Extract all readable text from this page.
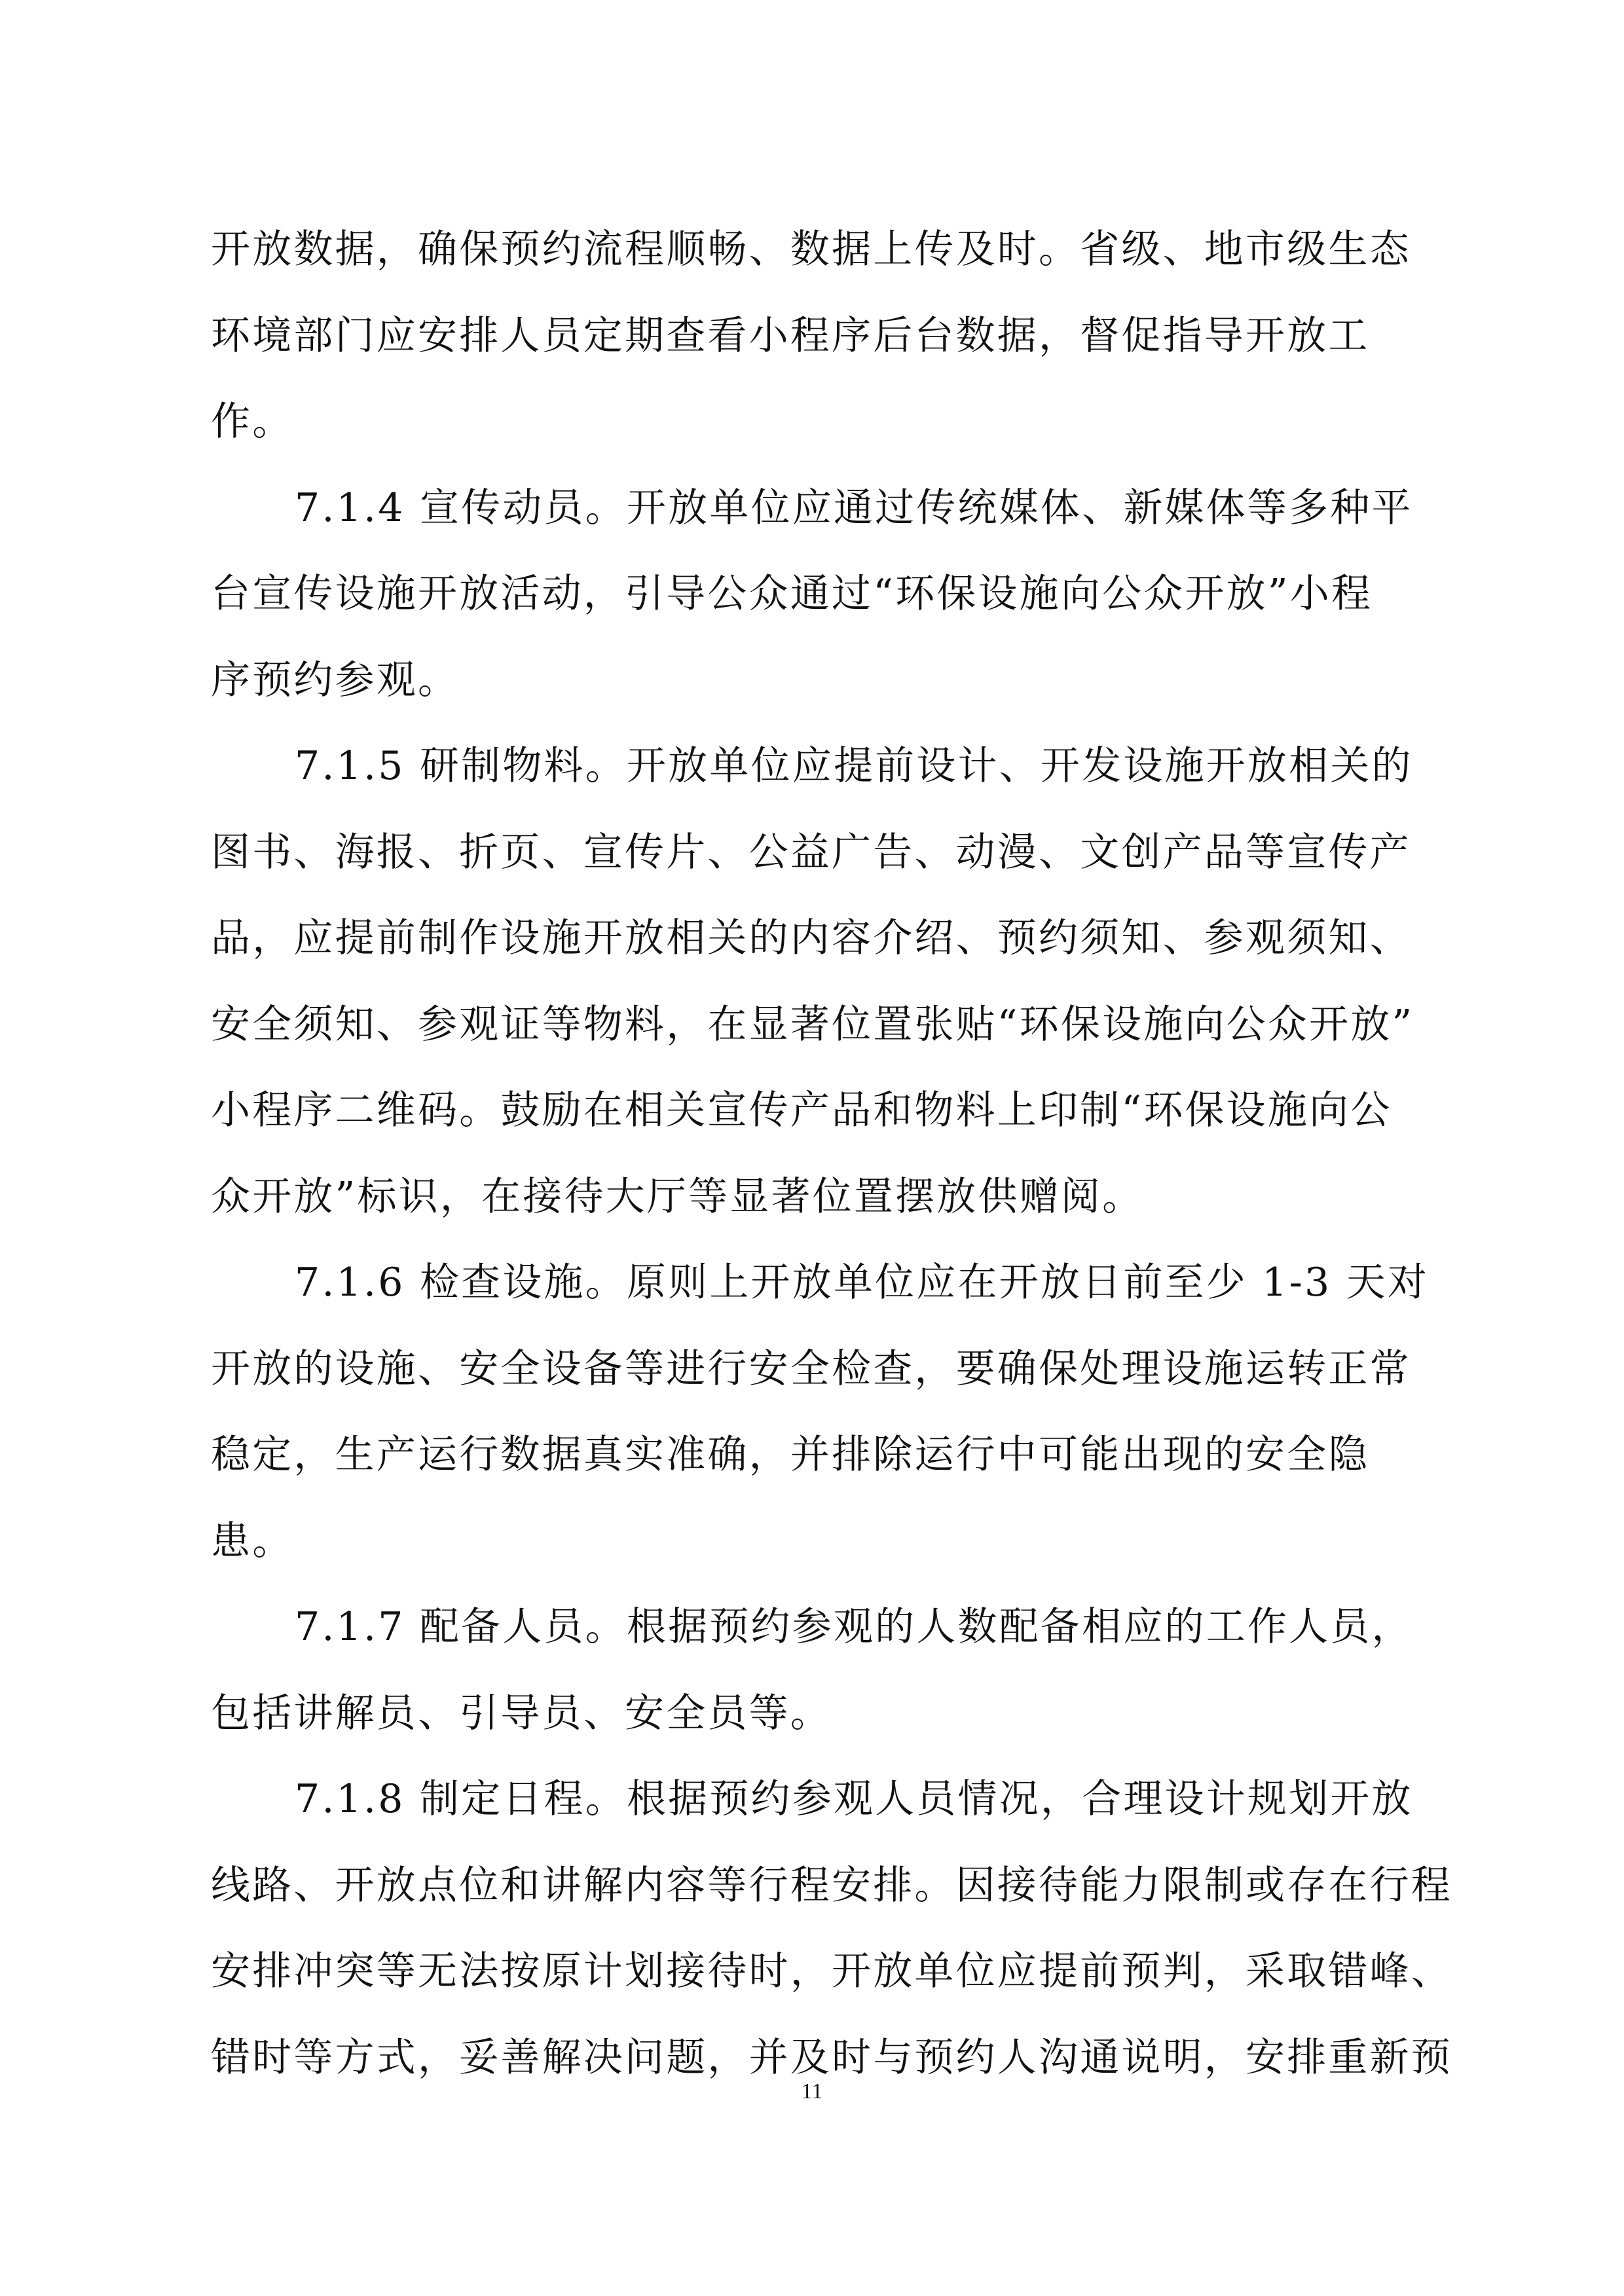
开放数据，确保预约流程顺畅、数据上传及时。省级、地市级生态
环境部门应安排人员定期查看小程序后台数据，督促指导开放工
作。
7.1.4 宣传动员。开放单位应通过传统媒体、新媒体等多种平
台宣传设施开放活动，引导公众通过“环保设施向公众开放”小程
序预约参观。
7.1.5 研制物料。开放单位应提前设计、开发设施开放相关的
图书、海报、折页、宣传片、公益广告、动漫、文创产品等宣传产
品，应提前制作设施开放相关的内容介绍、预约须知、参观须知、
安全须知、参观证等物料，在显著位置张贴“环保设施向公众开放”
小程序二维码。鼓励在相关宣传产品和物料上印制“环保设施向公
众开放”标识，在接待大厅等显著位置摆放供赠阅。
7.1.6 检查设施。原则上开放单位应在开放日前至少 1-3 天对
开放的设施、安全设备等进行安全检查，要确保处理设施运转正常
稳定，生产运行数据真实准确，并排除运行中可能出现的安全隐
患。
7.1.7 配备人员。根据预约参观的人数配备相应的工作人员，
包括讲解员、引导员、安全员等。
7.1.8 制定日程。根据预约参观人员情况，合理设计规划开放
线路、开放点位和讲解内容等行程安排。因接待能力限制或存在行程
安排冲突等无法按原计划接待时，开放单位应提前预判，采取错峰、
错时等方式，妥善解决问题，并及时与预约人沟通说明，安排重新预
11
